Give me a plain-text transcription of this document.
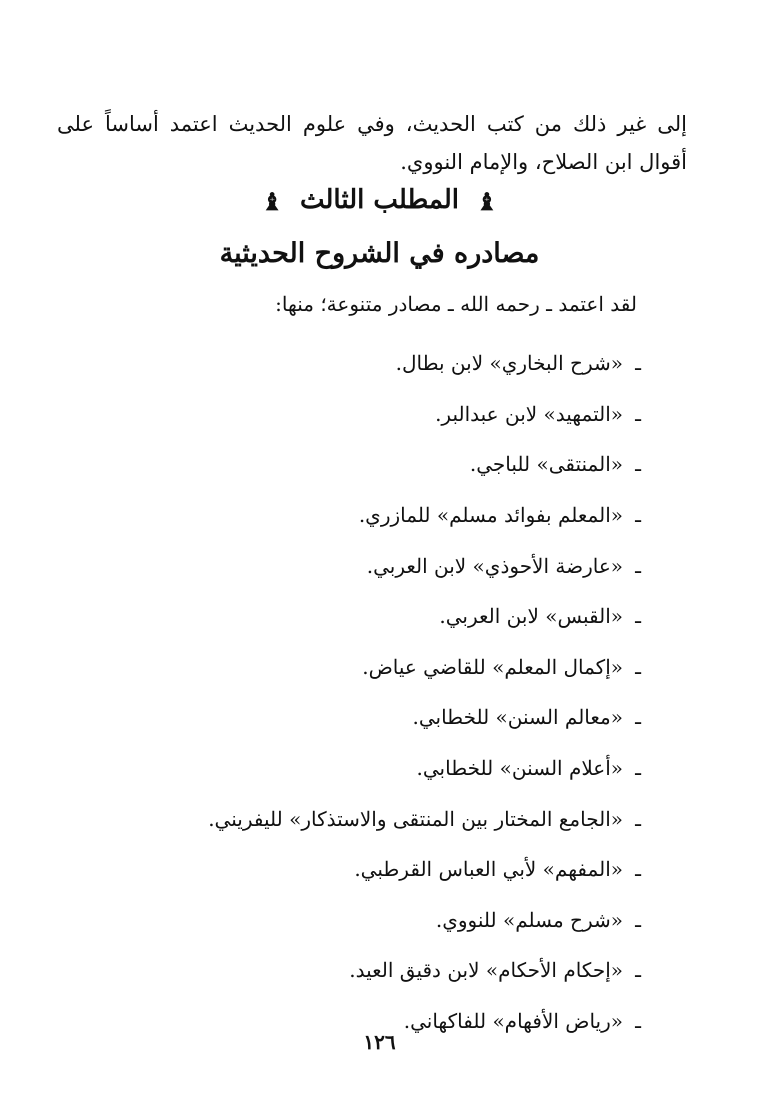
إلى غير ذلك من كتب الحديث، وفي علوم الحديث اعتمد أساساً على أقوال ابن الصلاح، والإمام النووي.

♝ المطلب الثالث ♝
مصادره في الشروح الحديثية
لقد اعتمد ـ رحمه الله ـ مصادر متنوعة؛ منها:
ـ
«شرح البخاري» لابن بطال.
ـ
«التمهيد» لابن عبدالبر.
ـ
«المنتقى» للباجي.
ـ
«المعلم بفوائد مسلم» للمازري.
ـ
«عارضة الأحوذي» لابن العربي.
ـ
«القبس» لابن العربي.
ـ
«إكمال المعلم» للقاضي عياض.
ـ
«معالم السنن» للخطابي.
ـ
«أعلام السنن» للخطابي.
ـ
«الجامع المختار بين المنتقى والاستذكار» لليفريني.
ـ
«المفهم» لأبي العباس القرطبي.
ـ
«شرح مسلم» للنووي.
ـ
«إحكام الأحكام» لابن دقيق العيد.
ـ
«رياض الأفهام» للفاكهاني.
١٢٦
